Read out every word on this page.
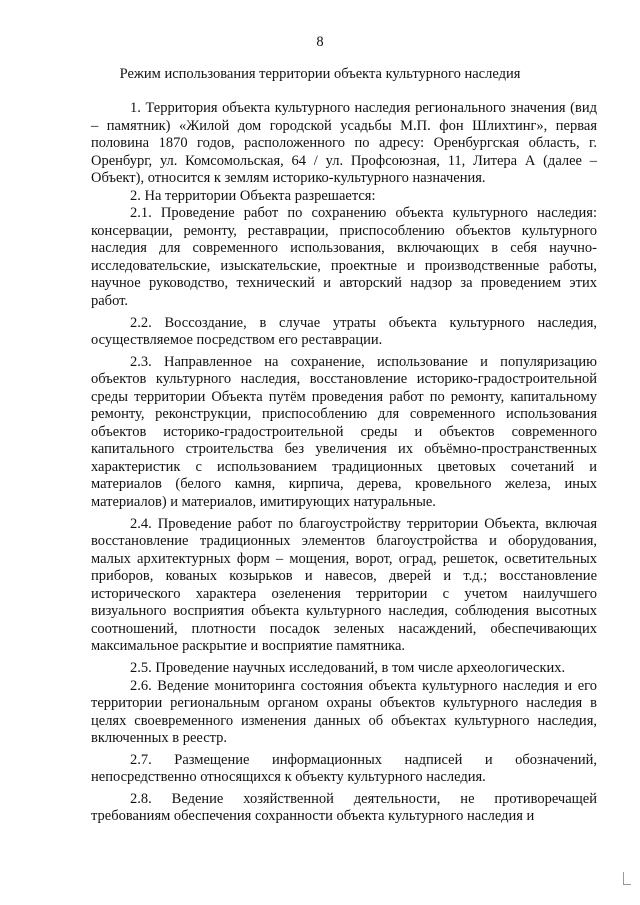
8
Режим использования территории объекта культурного наследия

1. Территория объекта культурного наследия регионального значения (вид – памятник) «Жилой дом городской усадьбы М.П. фон Шлихтинг», первая половина 1870 годов, расположенного по адресу: Оренбургская область, г. Оренбург, ул. Комсомольская, 64 / ул. Профсоюзная, 11, Литера А (далее – Объект), относится к землям историко-культурного назначения.

2. На территории Объекта разрешается:

2.1. Проведение работ по сохранению объекта культурного наследия: консервации, ремонту, реставрации, приспособлению объектов культурного наследия для современного использования, включающих в себя научно-исследовательские, изыскательские, проектные и производственные работы, научное руководство, технический и авторский надзор за проведением этих работ.

2.2. Воссоздание, в случае утраты объекта культурного наследия, осуществляемое посредством его реставрации.

2.3. Направленное на сохранение, использование и популяризацию объектов культурного наследия, восстановление историко-градостроительной среды территории Объекта путём проведения работ по ремонту, капитальному ремонту, реконструкции, приспособлению для современного использования объектов историко-градостроительной среды и объектов современного капитального строительства без увеличения их объёмно-пространственных характеристик с использованием традиционных цветовых сочетаний и материалов (белого камня, кирпича, дерева, кровельного железа, иных материалов) и материалов, имитирующих натуральные.

2.4. Проведение работ по благоустройству территории Объекта, включая восстановление традиционных элементов благоустройства и оборудования, малых архитектурных форм – мощения, ворот, оград, решеток, осветительных приборов, кованых козырьков и навесов, дверей и т.д.; восстановление исторического характера озеленения территории с учетом наилучшего визуального восприятия объекта культурного наследия, соблюдения высотных соотношений, плотности посадок зеленых насаждений, обеспечивающих максимальное раскрытие и восприятие памятника.

2.5. Проведение научных исследований, в том числе археологических.

2.6. Ведение мониторинга состояния объекта культурного наследия и его территории региональным органом охраны объектов культурного наследия в целях своевременного изменения данных об объектах культурного наследия, включенных в реестр.

2.7. Размещение информационных надписей и обозначений, непосредственно относящихся к объекту культурного наследия.

2.8. Ведение хозяйственной деятельности, не противоречащей требованиям обеспечения сохранности объекта культурного наследия и
